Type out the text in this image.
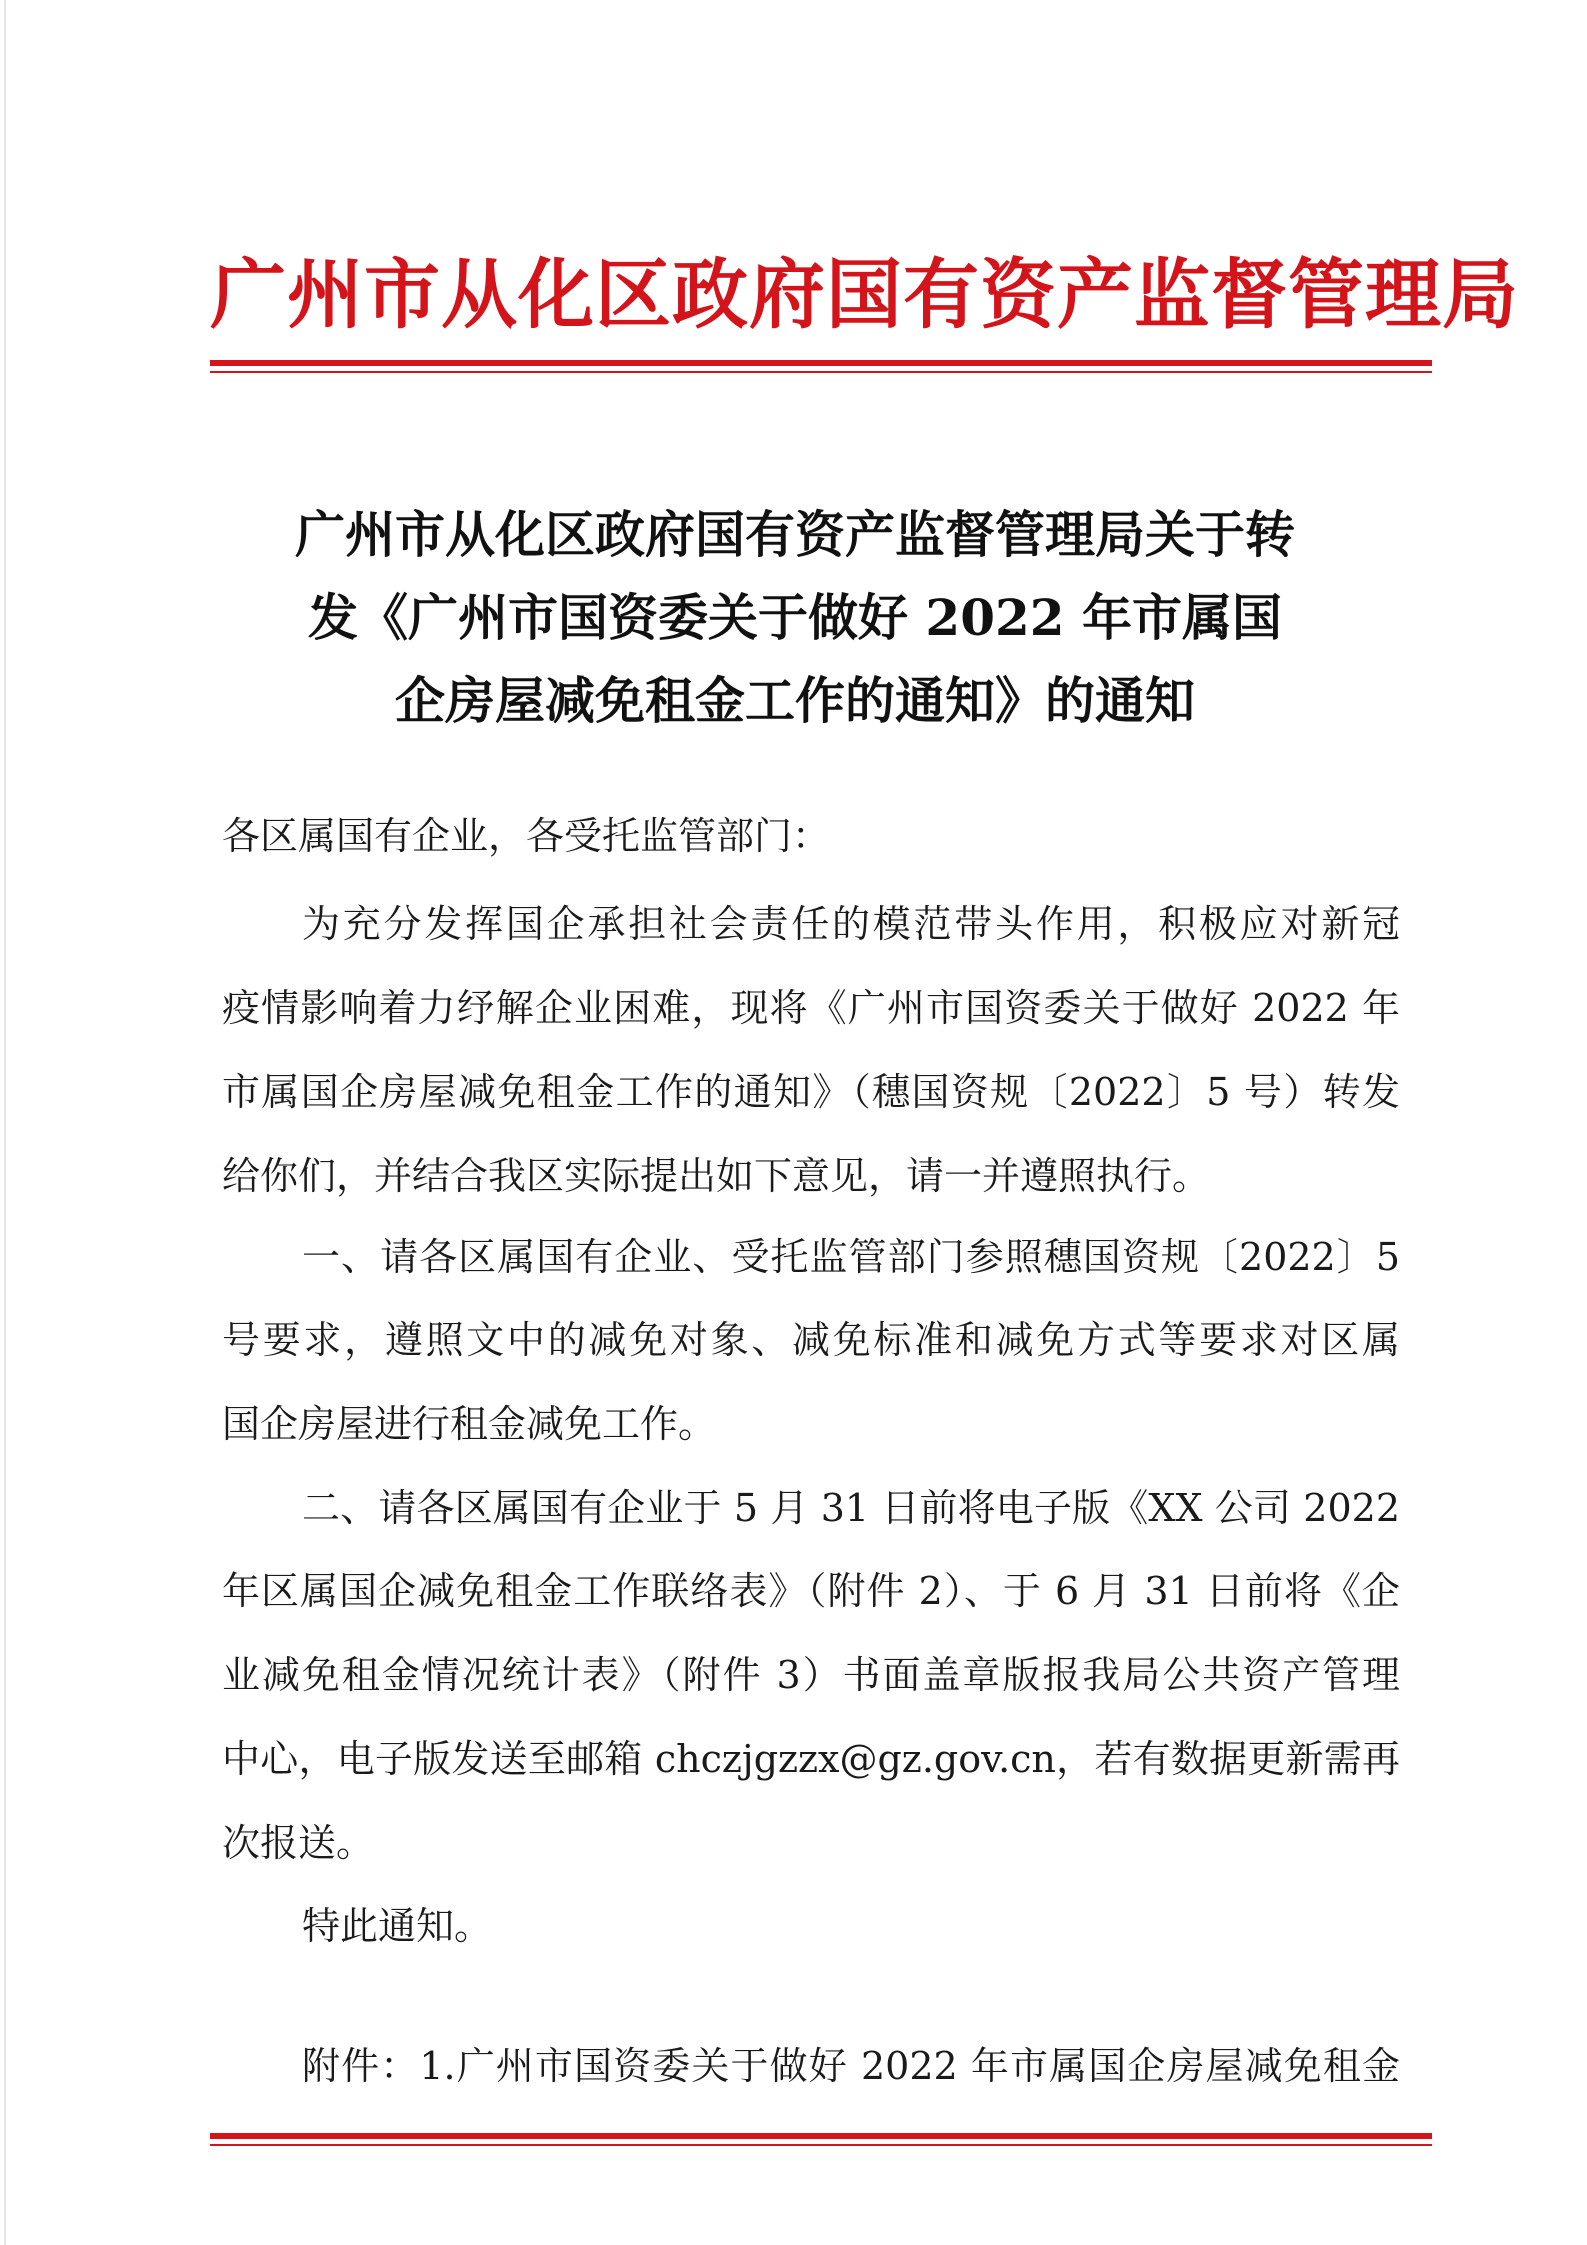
广州市从化区政府国有资产监督管理局
广州市从化区政府国有资产监督管理局关于转
发《广州市国资委关于做好 2022 年市属国
企房屋减免租金工作的通知》的通知
各区属国有企业，各受托监管部门：
为充分发挥国企承担社会责任的模范带头作用，积极应对新冠
疫情影响着力纾解企业困难，现将《广州市国资委关于做好 2022 年
市属国企房屋减免租金工作的通知》（穗国资规〔2022〕5 号）转发
给你们，并结合我区实际提出如下意见，请一并遵照执行。
一、请各区属国有企业、受托监管部门参照穗国资规〔2022〕5
号要求，遵照文中的减免对象、减免标准和减免方式等要求对区属
国企房屋进行租金减免工作。
二、请各区属国有企业于 5 月 31 日前将电子版《XX 公司 2022
年区属国企减免租金工作联络表》（附件 2）、于 6 月 31 日前将《企
业减免租金情况统计表》（附件 3）书面盖章版报我局公共资产管理
中心，电子版发送至邮箱 chczjgzzx@gz.gov.cn，若有数据更新需再
次报送。
特此通知。
附件：1.广州市国资委关于做好 2022 年市属国企房屋减免租金
